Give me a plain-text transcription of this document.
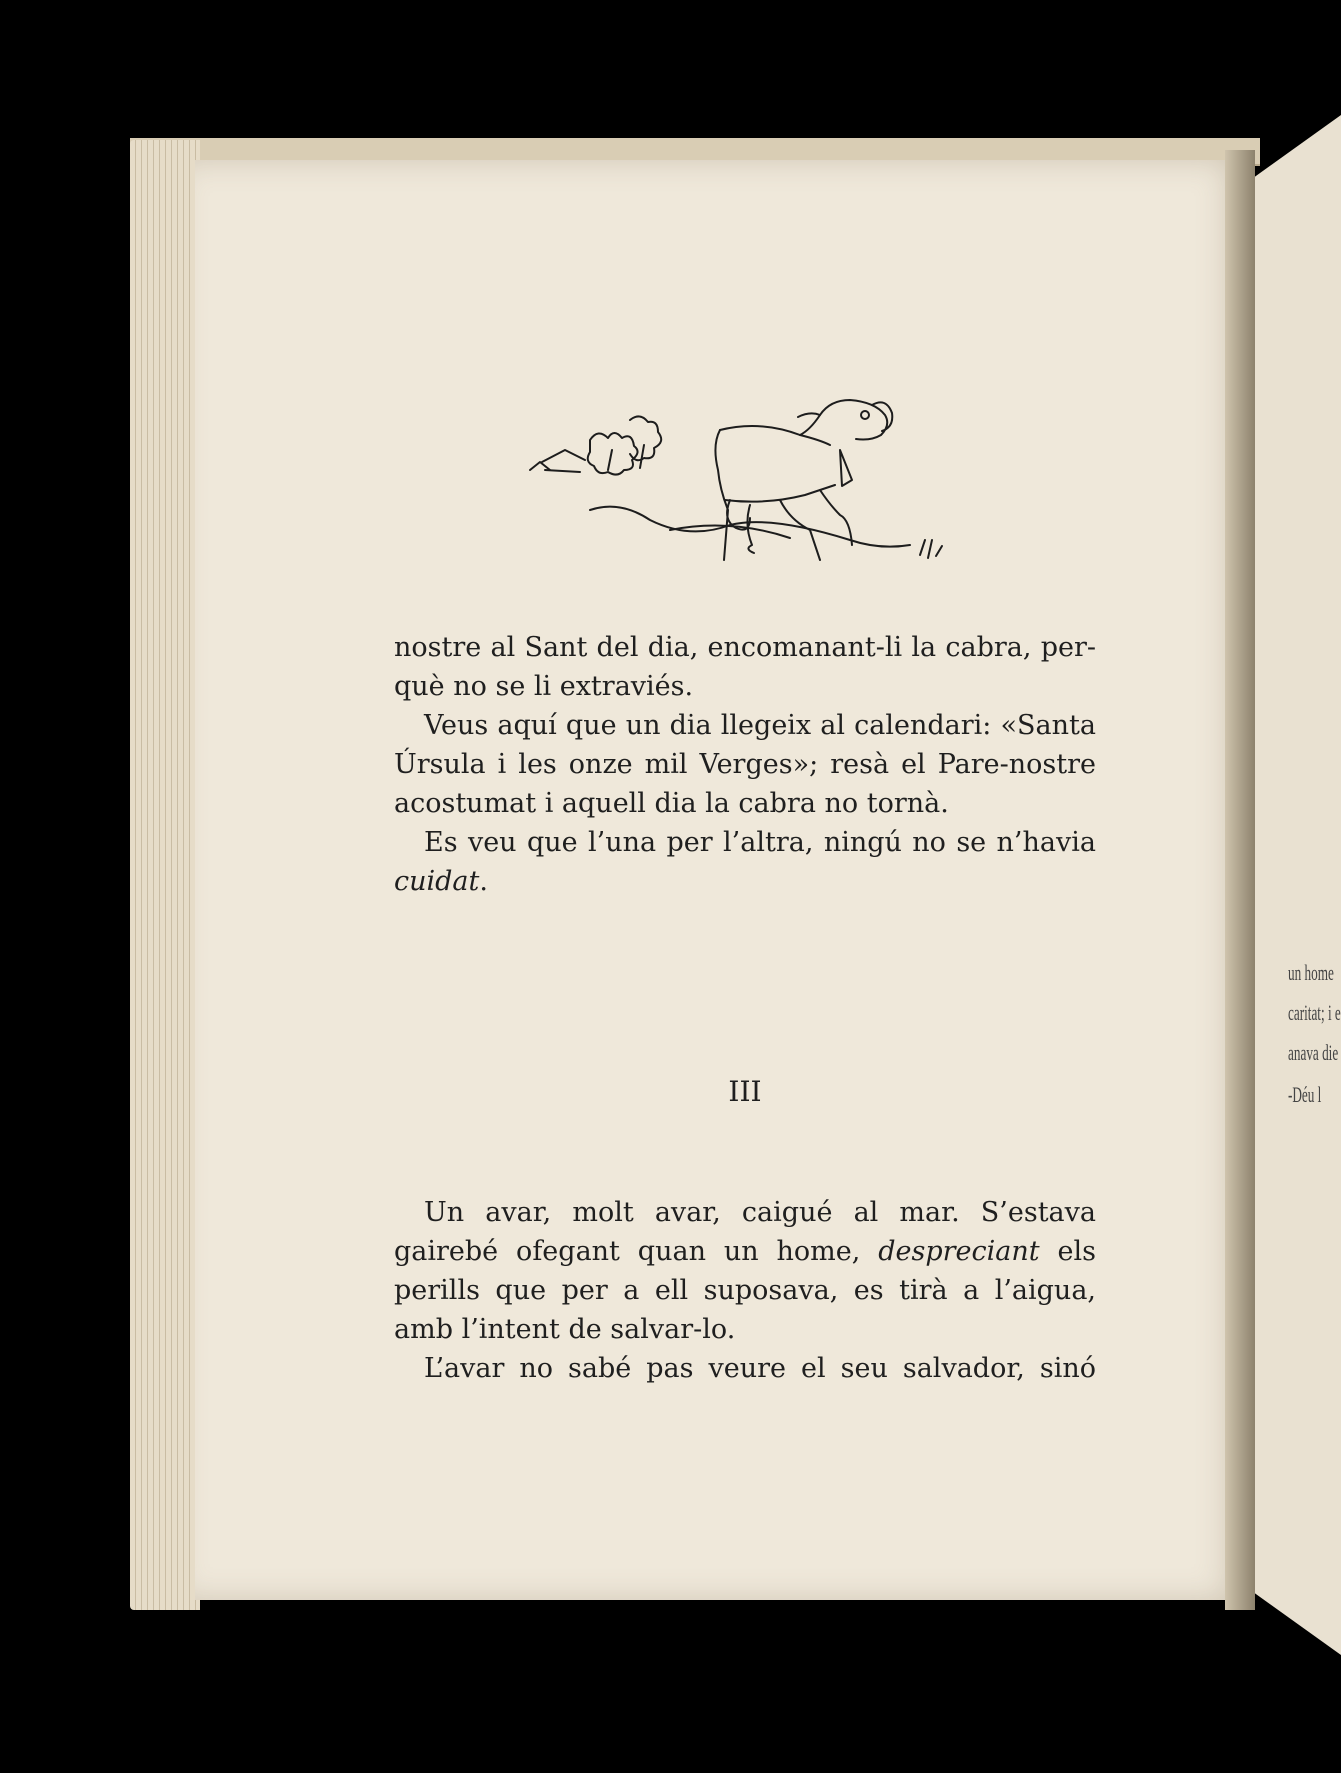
un home
caritat; i e
anava die
-Déu l
nostre al Sant del dia, encomanant-li la cabra, per-
què no se li extraviés.
Veus aquí que un dia llegeix al calendari: «Santa
Úrsula i les onze mil Verges»; resà el Pare-nostre
acostumat i aquell dia la cabra no tornà.
Es veu que l’una per l’altra, ningú no se n’havia
cuidat.
III
Un avar, molt avar, caigué al mar. S’estava
gairebé ofegant quan un home, despreciant els
perills que per a ell suposava, es tirà a l’aigua,
amb l’intent de salvar-lo.
L’avar no sabé pas veure el seu salvador, sinó
